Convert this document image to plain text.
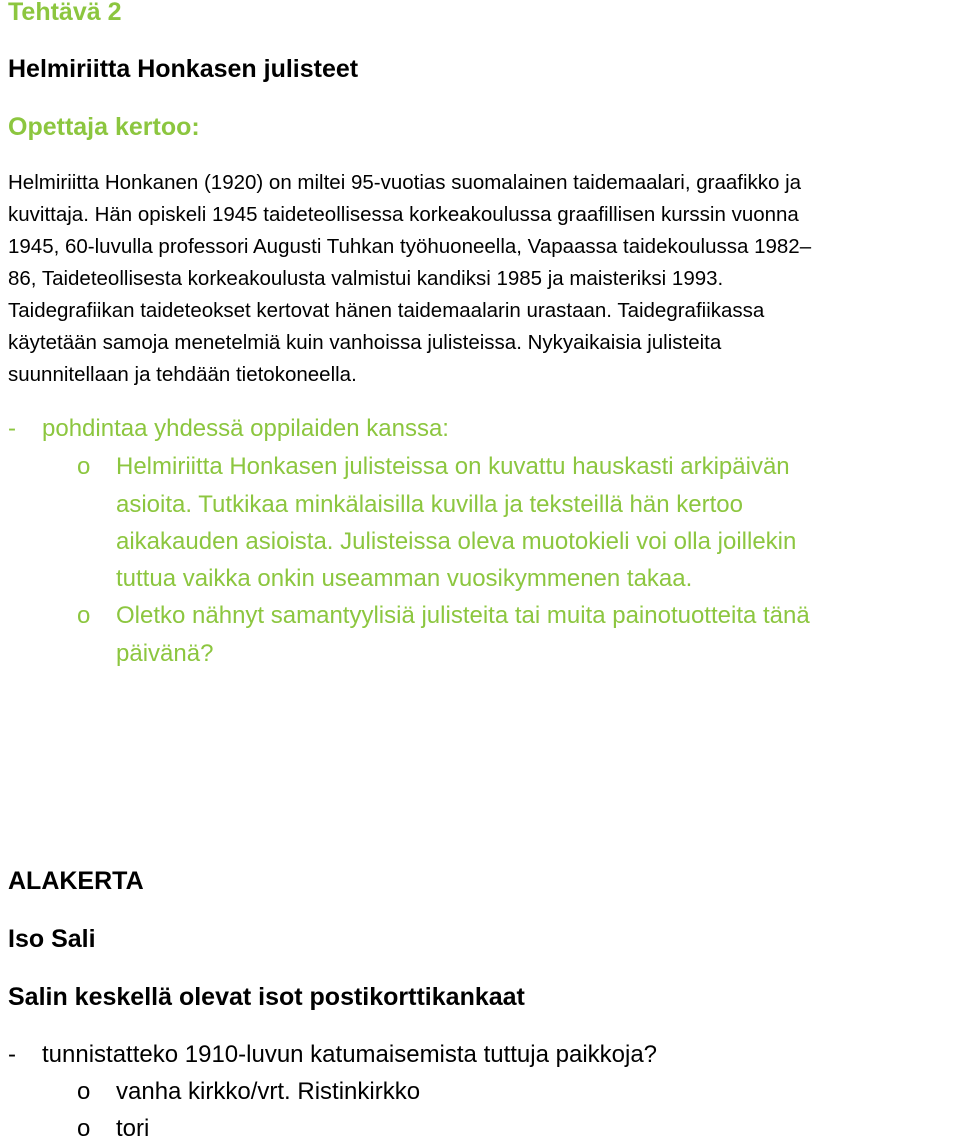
Tehtävä 2
Helmiriitta Honkasen julisteet
Opettaja kertoo:
Helmiriitta Honkanen (1920) on miltei 95-vuotias suomalainen taidemaalari, graafikko ja
kuvittaja. Hän opiskeli 1945 taideteollisessa korkeakoulussa graafillisen kurssin vuonna
1945, 60-luvulla professori Augusti Tuhkan työhuoneella, Vapaassa taidekoulussa 1982–
86, Taideteollisesta korkeakoulusta valmistui kandiksi 1985 ja maisteriksi 1993.
Taidegrafiikan taideteokset kertovat hänen taidemaalarin urastaan. Taidegrafiikassa
käytetään samoja menetelmiä kuin vanhoissa julisteissa. Nykyaikaisia julisteita
suunnitellaan ja tehdään tietokoneella.
- pohdintaa yhdessä oppilaiden kanssa:
o Helmiriitta Honkasen julisteissa on kuvattu hauskasti arkipäivän
asioita. Tutkikaa minkälaisilla kuvilla ja teksteillä hän kertoo
aikakauden asioista. Julisteissa oleva muotokieli voi olla joillekin
tuttua vaikka onkin useamman vuosikymmenen takaa.
o Oletko nähnyt samantyylisiä julisteita tai muita painotuotteita tänä
päivänä?
ALAKERTA
Iso Sali
Salin keskellä olevat isot postikorttikankaat
- tunnistatteko 1910-luvun katumaisemista tuttuja paikkoja?
o vanha kirkko/vrt. Ristinkirkko
o tori
